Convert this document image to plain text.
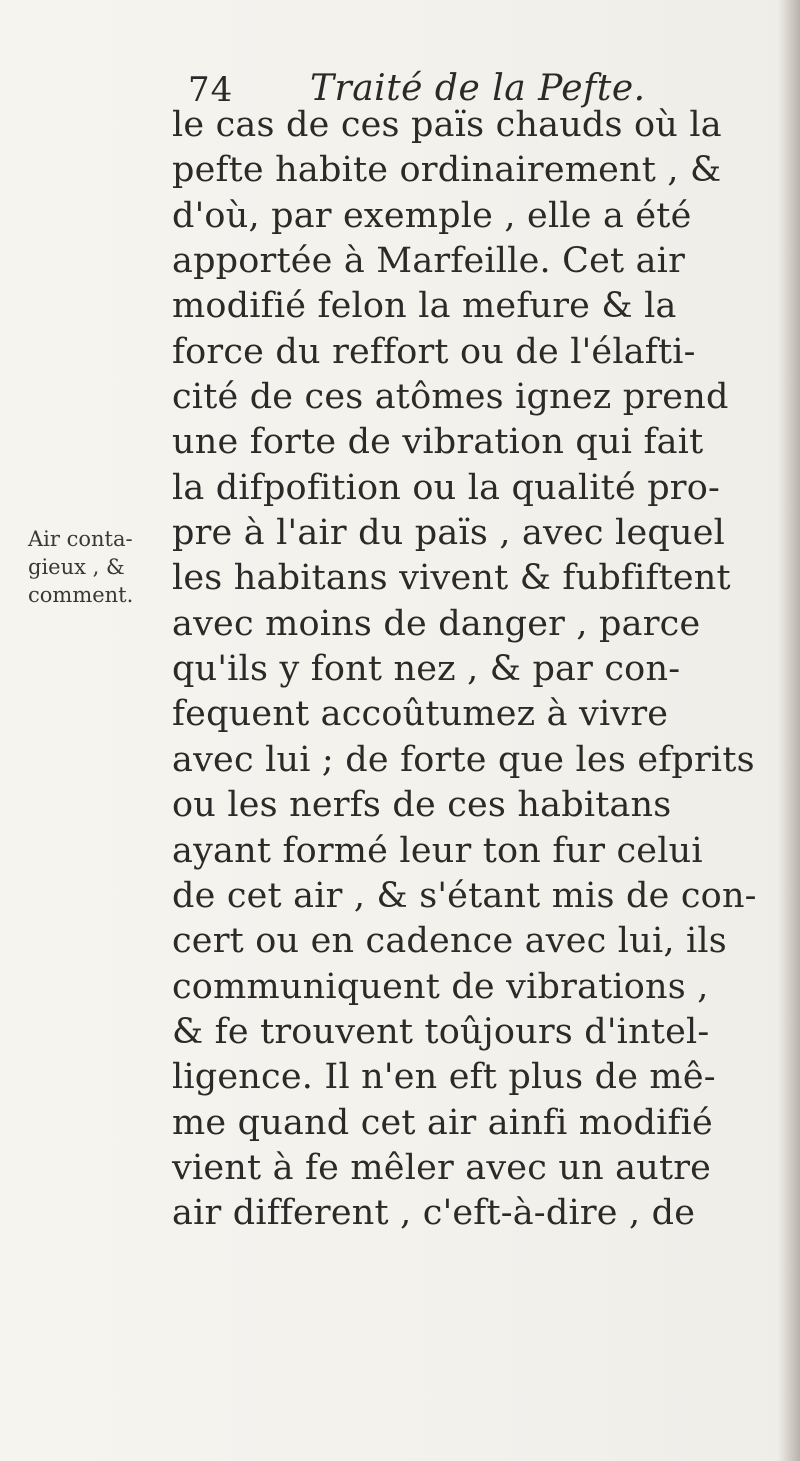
74 Traité de la Pefte.
Air conta-
gieux , &
comment.
le cas de ces païs chauds où la
pefte habite ordinairement , &
d'où, par exemple , elle a été
apportée à Marfeille. Cet air
modifié felon la mefure & la
force du reffort ou de l'élafti-
cité de ces atômes ignez prend
une forte de vibration qui fait
la difpofition ou la qualité pro-
pre à l'air du païs , avec lequel
les habitans vivent & fubfiftent
avec moins de danger , parce
qu'ils y font nez , & par con-
fequent accoûtumez à vivre
avec lui ; de forte que les efprits
ou les nerfs de ces habitans
ayant formé leur ton fur celui
de cet air , & s'étant mis de con-
cert ou en cadence avec lui, ils
communiquent de vibrations ,
& fe trouvent toûjours d'intel-
ligence. Il n'en eft plus de mê-
me quand cet air ainfi modifié
vient à fe mêler avec un autre
air different , c'eft-à-dire , de
